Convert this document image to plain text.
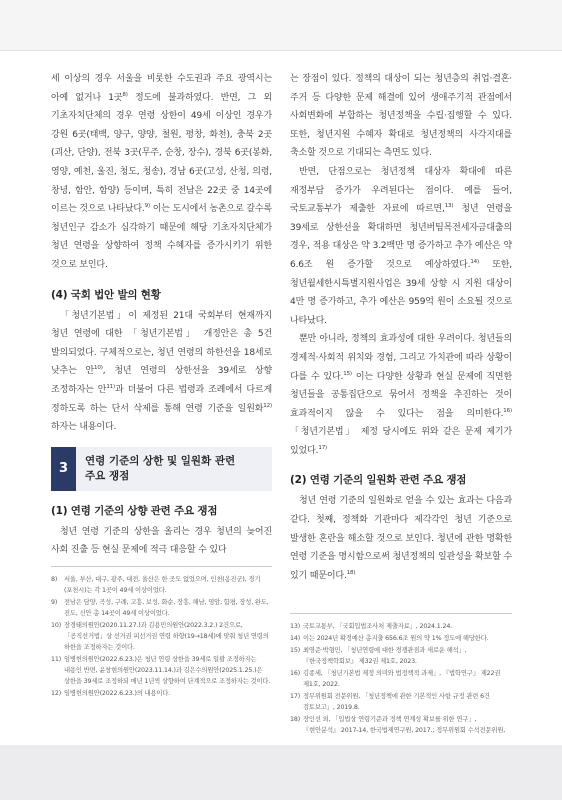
세 이상의 경우 서울을 비롯한 수도권과 주요 광역시는 아예 없거나 1곳$^{8)}$ 정도에 불과하였다. 반면, 그 외 기초자치단체의 경우 연령 상한이 49세 이상인 경우가 강원 6곳(태백, 양구, 양양, 철원, 평창, 화천), 충북 2곳(괴산, 단양), 전북 3곳(무주, 순창, 장수), 경북 6곳(봉화, 영양, 예천, 울진, 청도, 청송), 경남 6곳(고성, 산청, 의령, 창녕, 함안, 함양) 등이며, 특히 전남은 22곳 중 14곳에 이르는 것으로 나타났다.$^{9)}$ 이는 도시에서 농촌으로 갈수록 청년인구 감소가 심각하기 때문에 해당 기초자치단체가 청년 연령을 상향하여 정책 수혜자를 증가시키기 위한 것으로 보인다.

(4) 국회 법안 발의 현황

「청년기본법」이 제정된 21대 국회부터 현재까지 청년 연령에 대한 「청년기본법」 개정안은 총 5건 발의되었다. 구체적으로는, 청년 연령의 하한선을 18세로 낮추는 안$^{10)}$, 청년 연령의 상한선을 39세로 상향 조정하자는 안$^{11)}$과 더불어 다른 법령과 조례에서 다르게 정하도록 하는 단서 삭제를 통해 연령 기준을 일원화$^{12)}$하자는 내용이다.

3
연령 기준의 상한 및 일원화 관련
주요 쟁점
(1) 연령 기준의 상향 관련 주요 쟁점

청년 연령 기준의 상한을 올리는 경우 청년의 늦어진 사회 진출 등 현실 문제에 적극 대응할 수 있다

8)	서울, 부산, 대구, 광주, 대전, 울산은 한 곳도 없었으며, 인천(옹진군), 경기(포천시)는 각 1곳이 49세 이상이었다.
9)	전남은 담양, 곡성, 구례, 고흥, 보성, 화순, 장흥, 해남, 영암, 함평, 장성, 완도, 진도, 신안 총 14곳이 49세 이상이었다.
10) 장경태의원안(2020.11.27.)과 김용민의원안(2022.3.2.) 2건으로, 「공직선거법」상 선거권 피선거권 연령 하향(19→18세)에 맞춰 청년 연령의 하한을 조정하자는 것이다.
11) 임병헌의원안(2022.6.23.)은 청년 연령 상한을 39세로 일괄 조정하자는 내용인 반면, 윤창현의원안(2023.11.14.)과 김은수의원안(2025.1.25.)은 상한을 39세로 조정하되 매년 1년씩 상향하여 단계적으로 조정하자는 것이다.
12) 임병헌의원안(2022.6.23.)의 내용이다.

는 장점이 있다. 정책의 대상이 되는 청년층의 취업·결혼·주거 등 다양한 문제 해결에 있어 생애주기적 관점에서 사회변화에 부합하는 청년정책을 수립·집행할 수 있다. 또한, 청년지원 수혜자 확대로 청년정책의 사각지대를 축소할 것으로 기대되는 측면도 있다.

반면, 단점으로는 청년정책 대상자 확대에 따른 재정부담 증가가 우려된다는 점이다. 예를 들어, 국토교통부가 제출한 자료에 따르면,$^{13)}$ 청년 연령을 39세로 상한선을 확대하면 청년버팀목전세자금대출의 경우, 적용 대상은 약 3.2백만 명 증가하고 추가 예산은 약 6.6조 원 증가할 것으로 예상하였다.$^{14)}$ 또한, 청년월세한시특별지원사업은 39세 상향 시 지원 대상이 4만 명 증가하고, 추가 예산은 959억 원이 소요될 것으로 나타났다.

뿐만 아니라, 정책의 효과성에 대한 우려이다. 청년들의 경제적·사회적 위치와 경험, 그리고 가치관에 따라 상황이 다를 수 있다.$^{15)}$ 이는 다양한 상황과 현실 문제에 직면한 청년들을 공통집단으로 묶어서 정책을 추진하는 것이 효과적이지 않을 수 있다는 점을 의미한다.$^{16)}$ 「청년기본법」 제정 당시에도 위와 같은 문제 제기가 있었다.$^{17)}$

(2) 연령 기준의 일원화 관련 주요 쟁점

청년 연령 기준의 일원화로 얻을 수 있는 효과는 다음과 같다. 첫째, 정책화 기관마다 제각각인 청년 기준으로 발생한 혼란을 해소할 것으로 보인다. 청년에 관한 명확한 연령 기준을 명시함으로써 청년정책의 일관성을 확보할 수 있기 때문이다.$^{18)}$

13) 국토교통부, 「국회입법조사처 제출자료」, 2024.1.24.
14) 이는 2024년 확정예산 총지출 656.6조 원의 약 1% 정도에 해당한다.
15) 최영준·박형민, 「청년연령에 대한 경쟁관점과 새로운 해석」, 『한국정책학회보』 제32권 제1호, 2023.
16) 김종세, 「청년기본법 제정 의미와 법정책적 과제」, 『법학연구』 제22권 제1호, 2022.
17) 정무위원회 전문위원, 「청년정책에 관한 기본적인 사항 규정 관련 6건 검토보고」, 2019.8.
18) 장인선 외, 「입법상 연령기준과 정책 연계성 확보를 위한 연구」, 『현안분석』 2017-14, 한국법제연구원, 2017.; 정무위원회 수석전문위원,
